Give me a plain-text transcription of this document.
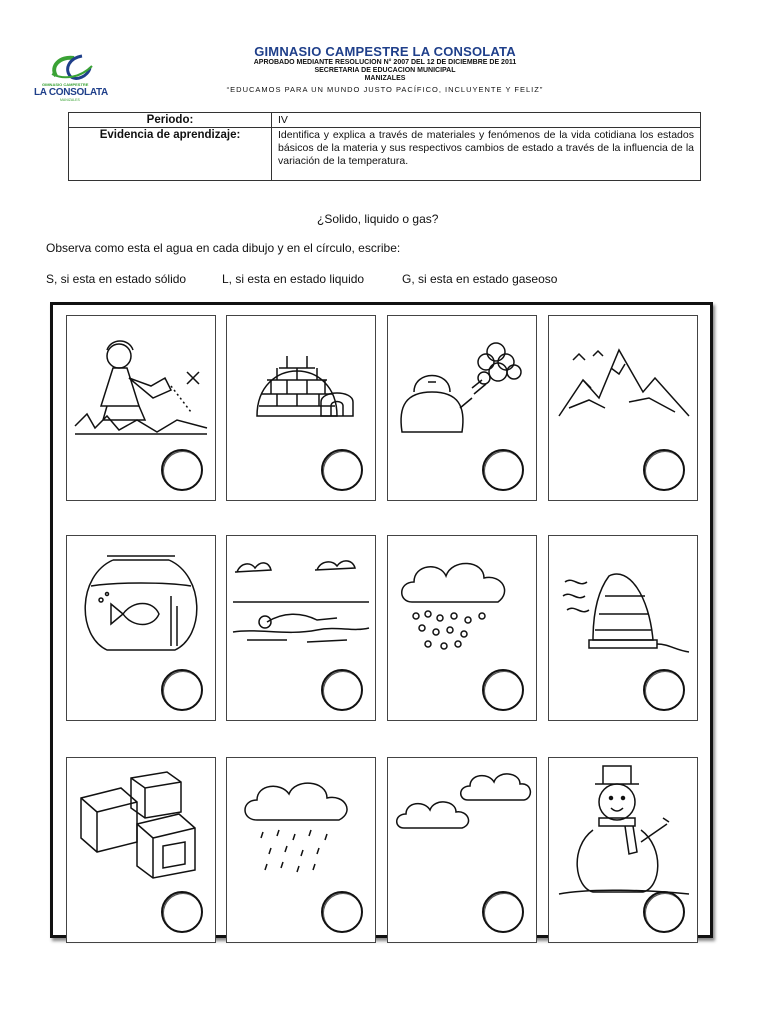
GIMNASIO CAMPESTRE
LA CONSOLATA
MANIZALES
GIMNASIO CAMPESTRE LA CONSOLATA
APROBADO MEDIANTE RESOLUCION N° 2007 DEL 12 DE DICIEMBRE DE 2011
SECRETARIA DE EDUCACION MUNICIPAL
MANIZALES
“EDUCAMOS PARA UN MUNDO JUSTO PACÍFICO, INCLUYENTE Y FELIZ”
Periodo:	IV
Evidencia de aprendizaje:	Identifica y explica a través de materiales y fenómenos de la vida cotidiana los estados básicos de la materia y sus respectivos cambios de estado a través de la influencia de la variación de la temperatura.
¿Solido, liquido o gas?
Observa como esta el agua en cada dibujo y en el círculo, escribe:
S, si esta en estado sólido	L, si esta en estado liquido	G, si esta en estado gaseoso
